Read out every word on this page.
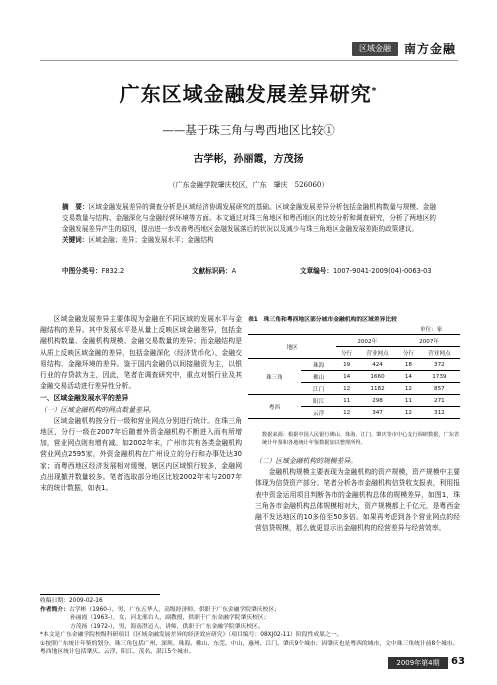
区域金融	南方金融
广东区域金融发展差异研究*
——基于珠三角与粤西地区比较①
古学彬，孙丽霞，方茂扬
（广东金融学院肇庆校区，广东　肇庆　526060）
摘　要：区域金融发展差异的调查分析是区域经济协调发展研究的基础。区域金融发展差异分析包括金融机构数量与规模、金融交易数量与结构、金融深化与金融经营环境等方面。本文通过对珠三角地区和粤西地区的比较分析和调查研究，分析了两地区的金融发展差异产生的原因，提出进一步改善粤西地区金融发展落后的状况以及减少与珠三角地区金融发展差距的政策建议。
关键词：区域金融；差异；金融发展水平；金融结构
中图分类号：F832.2	文献标识码：A	文章编号：1007-9041-2009(04)-0063-03

区域金融发展差异主要体现为金融在不同区域的发展水平与金融结构的差异。其中发展水平是从量上反映区域金融差异，包括金融机构数量、金融机构规模、金融交易数量的差异；而金融结构是从质上反映区域金融的差异，包括金融深化（经济货币化）、金融交易结构、金融环境的差异。鉴于国内金融仍以间接融资为主，以银行业的存贷款为主，因此，笔者在调查研究中，重点对银行业及其金融交易活动进行差异性分析。

一、区域金融发展水平的差异

（一）区域金融机构的网点数量差异。

区域金融机构按分行一级和营业网点分别进行统计。在珠三角地区，分行一级在2007年后随着外资金融机构不断进入而有所增加，营业网点则有增有减。如2002年末，广州市共有各类金融机构营业网点2595家，外资金融机构在广州设立的分行和办事处达30家；而粤西地区经济发展相对缓慢，辖区内区域银行较多，金融网点出现撤并数量较多。笔者选取部分地区比较2002年末与2007年末的统计数据，如表1。

表1　珠三角和粤西地区部分城市金融机构的区域差异比较
单位：家
地区		2002年		2007年	
		分行	营业网点	分行	营业网点
珠三角	珠海	19	424	18	372
	佛山	14	1660	14	1739
	江门	12	1182	12	857
粤西	阳江	11	298	11	271
	云浮	12	347	12	312
数据来源：根据中国人民银行佛山、珠海、江门、肇庆等市中心支行调研数据，广东省统计年鉴和各地统计年鉴数据加以整理所得。

（二）区域金融机构的规模差异。

金融机构规模主要表现为金融机构的资产规模，资产规模中主要体现为信贷资产部分。笔者分析各市金融机构信贷收支报表，利用报表中资金运用项目判断各市的金融机构总体的规模差异，如图1，珠三角各市金融机构总体规模相对大，资产规模都上千亿元，是粤西金融不发达地区的10多倍至50多倍。如果再考虑到各个营业网点的经营信贷规模，那么就更显示出金融机构的经营差异与经营效率。

收稿日期：2009-02-16
作者简介：古学彬（1960-），男，广东五华人，高级经济师，供职于广东金融学院肇庆校区；
孙丽霞（1963-），女，河北邢台人，副教授，供职于广东金融学院肇庆校区；
方茂扬（1972-），男，海南澄迈人，讲师，供职于广东金融学院肇庆校区。
*本文是广东金融学院校级科研项目《区域金融发展差异的经济效应研究》（项目编号：08XJ02-11）阶段性成果之一。
①按照广东统计年鉴的划分，珠三角包括广州、深圳、珠海、佛山、东莞、中山、惠州、江门、肇庆9个城市；因肇庆也是粤西的城市，文中珠三角统计前8个城市。粤西地区统计包括肇庆、云浮、阳江、茂名、湛江5个城市。
2009年第4期	63
